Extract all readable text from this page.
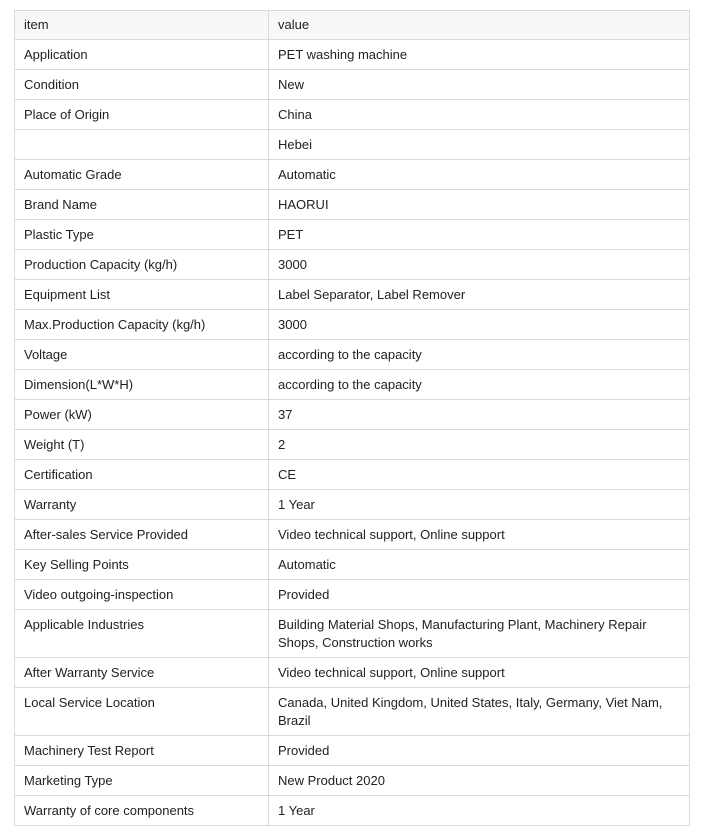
item	value
Application	PET washing machine
Condition	New
Place of Origin	China
	Hebei
Automatic Grade	Automatic
Brand Name	HAORUI
Plastic Type	PET
Production Capacity (kg/h)	3000
Equipment List	Label Separator, Label Remover
Max.Production Capacity (kg/h)	3000
Voltage	according to the capacity
Dimension(L*W*H)	according to the capacity
Power (kW)	37
Weight (T)	2
Certification	CE
Warranty	1 Year
After-sales Service Provided	Video technical support, Online support
Key Selling Points	Automatic
Video outgoing-inspection	Provided
Applicable Industries	Building Material Shops, Manufacturing Plant, Machinery Repair Shops, Construction works
After Warranty Service	Video technical support, Online support
Local Service Location	Canada, United Kingdom, United States, Italy, Germany, Viet Nam, Brazil
Machinery Test Report	Provided
Marketing Type	New Product 2020
Warranty of core components	1 Year
